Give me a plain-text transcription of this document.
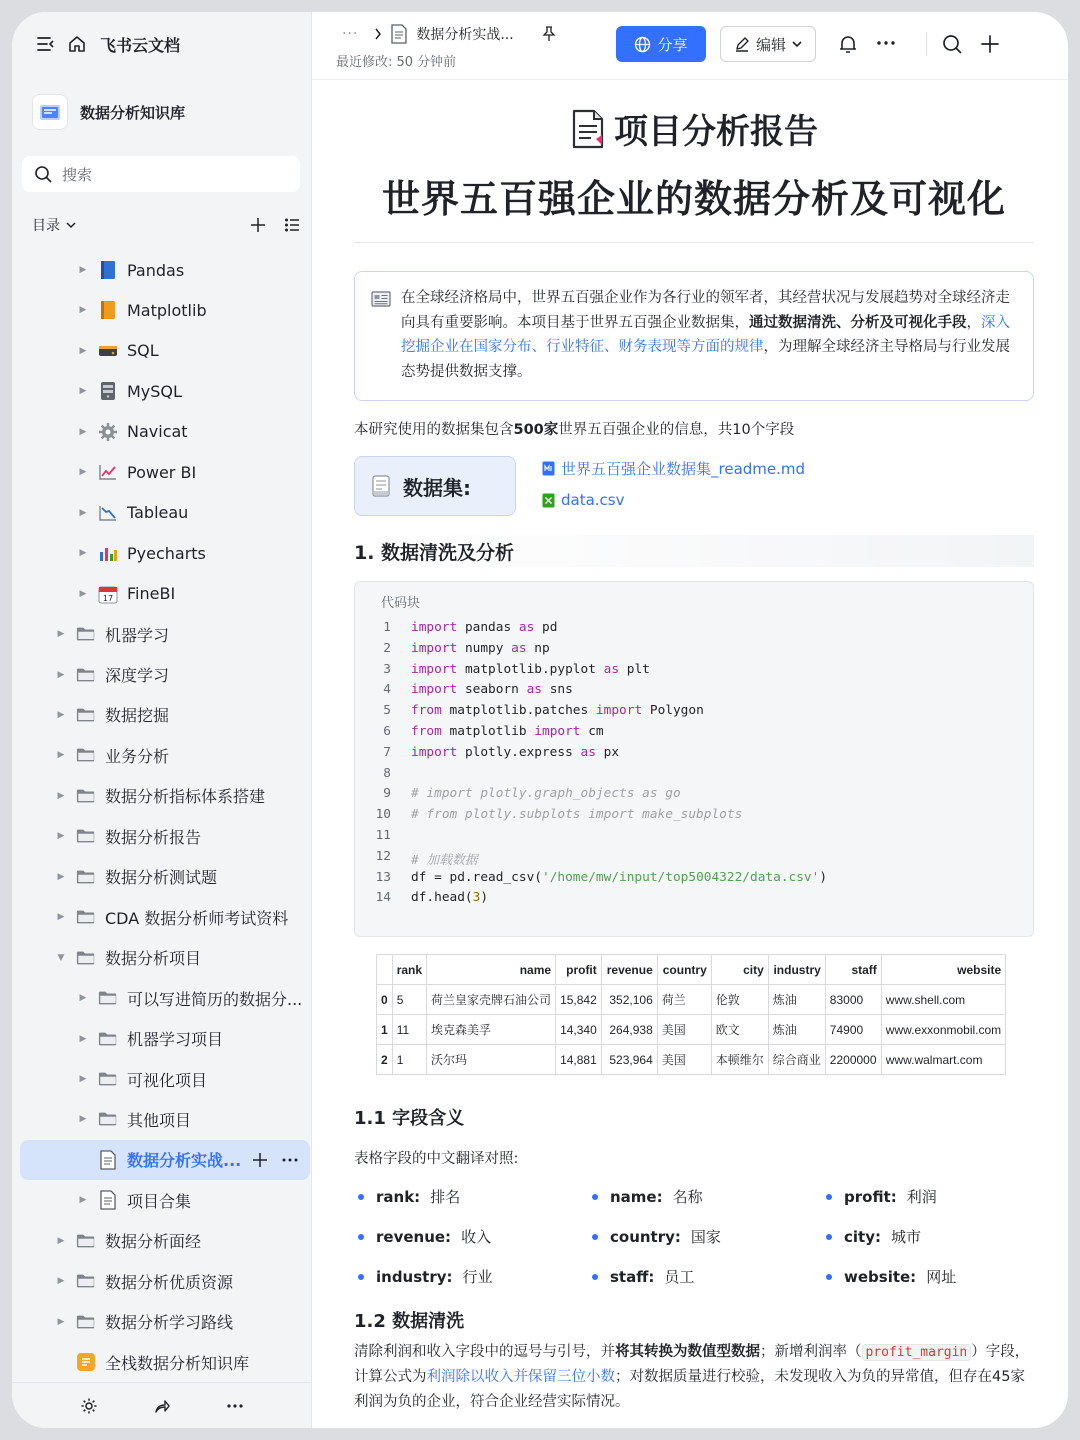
飞书云文档
数据分析知识库
搜索
目录
▶	Pandas
▶	Matplotlib
▶	SQL
▶	MySQL
▶	Navicat
▶	Power BI
▶	Tableau
▶	Pyecharts
▶ 17 FineBI
▶	机器学习
▶	深度学习
▶	数据挖掘
▶	业务分析
▶	数据分析指标体系搭建
▶	数据分析报告
▶	数据分析测试题
▶	CDA 数据分析师考试资料
▼	数据分析项目
▶	可以写进简历的数据分...
▶	机器学习项目
▶	可视化项目
▶	其他项目
数据分析实战...
▶	项目合集
▶	数据分析面经
▶	数据分析优质资源
▶	数据分析学习路线
全栈数据分析知识库
···	数据分析实战...
最近修改: 50 分钟前
分享	编辑
项目分析报告
世界五百强企业的数据分析及可视化
在全球经济格局中，世界五百强企业作为各行业的领军者，其经营状况与发展趋势对全球经济走向具有重要影响。本项目基于世界五百强企业数据集，通过数据清洗、分析及可视化手段，深入挖掘企业在国家分布、行业特征、财务表现等方面的规律，为理解全球经济主导格局与行业发展态势提供数据支撑。
本研究使用的数据集包含500家世界五百强企业的信息，共10个字段
数据集:
世界五百强企业数据集_readme.md
data.csv
1. 数据清洗及分析
代码块
1 import pandas as pd
2 import numpy as np
3 import matplotlib.pyplot as plt
4 import seaborn as sns
5 from matplotlib.patches import Polygon
6 from matplotlib import cm
7 import plotly.express as px
8
9 # import plotly.graph_objects as go
10 # from plotly.subplots import make_subplots
11
12 # 加载数据
13 df = pd.read_csv('/home/mw/input/top5004322/data.csv')
14 df.head(3)
	rank	name	profit	revenue	country	city	industry	staff	website
0	5	荷兰皇家壳牌石油公司	15,842	352,106	荷兰	伦敦	炼油	83000	www.shell.com
1	11	埃克森美孚	14,340	264,938	美国	欧文	炼油	74900	www.exxonmobil.com
2	1	沃尔玛	14,881	523,964	美国	本顿维尔	综合商业	2200000	www.walmart.com
1.1 字段含义
表格字段的中文翻译对照:
rank: 排名	name: 名称	profit: 利润
revenue: 收入	country: 国家	city: 城市
industry: 行业	staff: 员工	website: 网址
1.2 数据清洗
清除利润和收入字段中的逗号与引号，并将其转换为数值型数据；新增利润率（ profit_margin ）字段，计算公式为利润除以收入并保留三位小数；对数据质量进行校验，未发现收入为负的异常值，但存在45家利润为负的企业，符合企业经营实际情况。
